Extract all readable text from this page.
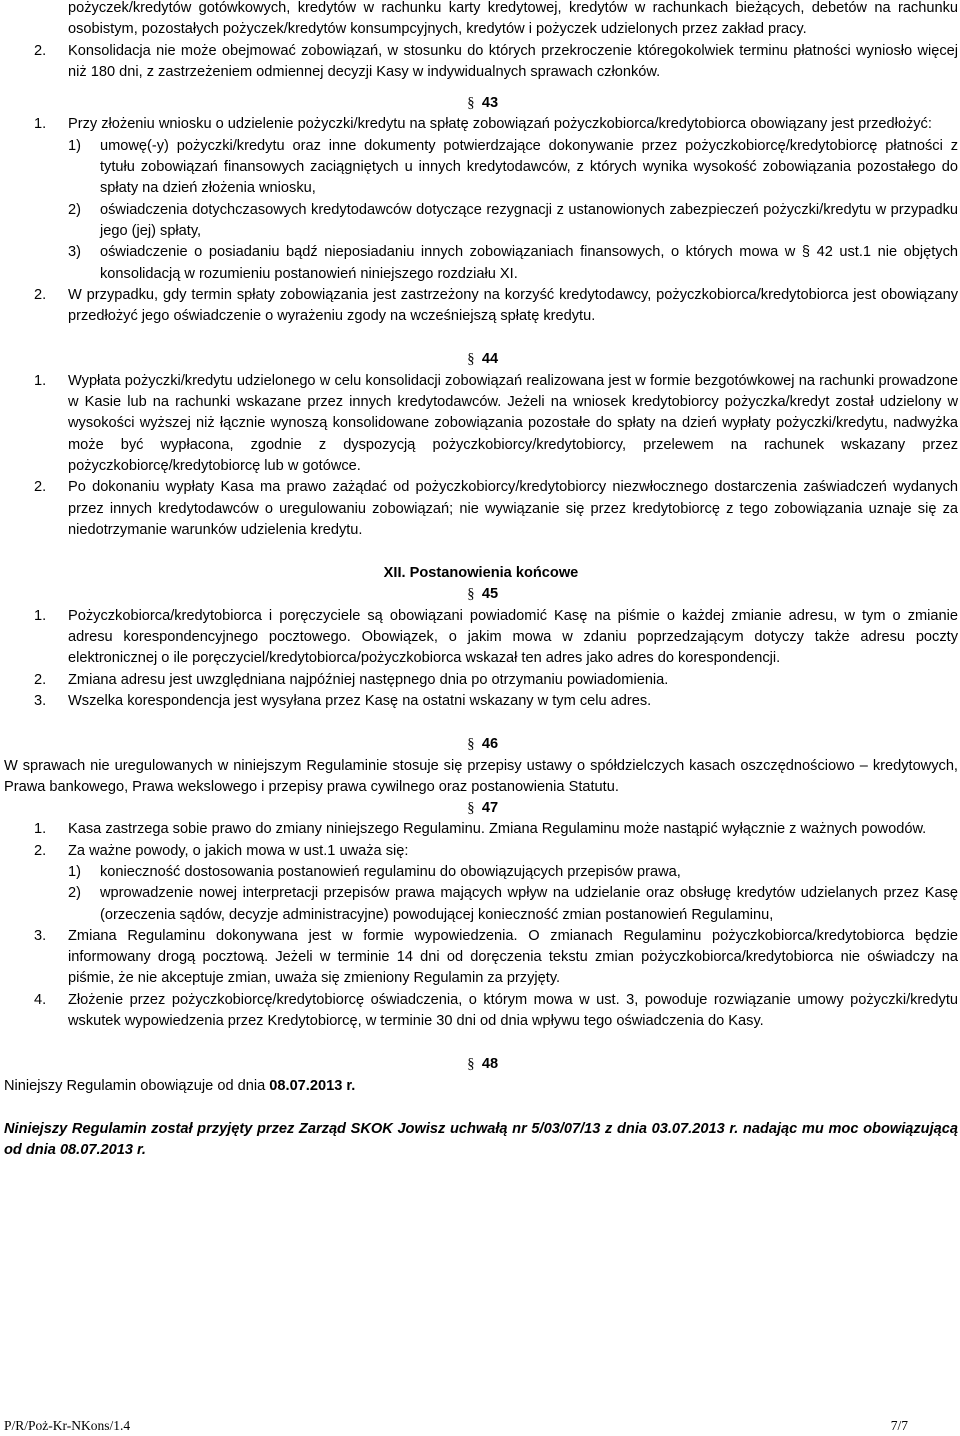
pożyczek/kredytów gotówkowych, kredytów w rachunku karty kredytowej, kredytów w rachunkach bieżących, debetów na rachunku osobistym, pozostałych pożyczek/kredytów konsumpcyjnych, kredytów i pożyczek udzielonych przez zakład pracy.

2. Konsolidacja nie może obejmować zobowiązań, w stosunku do których przekroczenie któregokolwiek terminu płatności wyniosło więcej niż 180 dni, z zastrzeżeniem odmiennej decyzji Kasy w indywidualnych sprawach członków.

§ 43

1. Przy złożeniu wniosku o udzielenie pożyczki/kredytu na spłatę zobowiązań pożyczkobiorca/kredytobiorca obowiązany jest przedłożyć:

1) umowę(-y) pożyczki/kredytu oraz inne dokumenty potwierdzające dokonywanie przez pożyczkobiorcę/kredytobiorcę płatności z tytułu zobowiązań finansowych zaciągniętych u innych kredytodawców, z których wynika wysokość zobowiązania pozostałego do spłaty na dzień złożenia wniosku,

2) oświadczenia dotychczasowych kredytodawców dotyczące rezygnacji z ustanowionych zabezpieczeń pożyczki/kredytu w przypadku jego (jej) spłaty,

3) oświadczenie o posiadaniu bądź nieposiadaniu innych zobowiązaniach finansowych, o których mowa w § 42 ust.1 nie objętych konsolidacją w rozumieniu postanowień niniejszego rozdziału XI.

2. W przypadku, gdy termin spłaty zobowiązania jest zastrzeżony na korzyść kredytodawcy, pożyczkobiorca/kredytobiorca jest obowiązany przedłożyć jego oświadczenie o wyrażeniu zgody na wcześniejszą spłatę kredytu.

§ 44

1. Wypłata pożyczki/kredytu udzielonego w celu konsolidacji zobowiązań realizowana jest w formie bezgotówkowej na rachunki prowadzone w Kasie lub na rachunki wskazane przez innych kredytodawców. Jeżeli na wniosek kredytobiorcy pożyczka/kredyt został udzielony w wysokości wyższej niż łącznie wynoszą konsolidowane zobowiązania pozostałe do spłaty na dzień wypłaty pożyczki/kredytu, nadwyżka może być wypłacona, zgodnie z dyspozycją pożyczkobiorcy/kredytobiorcy, przelewem na rachunek wskazany przez pożyczkobiorcę/kredytobiorcę lub w gotówce.

2. Po dokonaniu wypłaty Kasa ma prawo zażądać od pożyczkobiorcy/kredytobiorcy niezwłocznego dostarczenia zaświadczeń wydanych przez innych kredytodawców o uregulowaniu zobowiązań; nie wywiązanie się przez kredytobiorcę z tego zobowiązania uznaje się za niedotrzymanie warunków udzielenia kredytu.

XII. Postanowienia końcowe

§ 45

1. Pożyczkobiorca/kredytobiorca i poręczyciele są obowiązani powiadomić Kasę na piśmie o każdej zmianie adresu, w tym o zmianie adresu korespondencyjnego pocztowego. Obowiązek, o jakim mowa w zdaniu poprzedzającym dotyczy także adresu poczty elektronicznej o ile poręczyciel/kredytobiorca/pożyczkobiorca wskazał ten adres jako adres do korespondencji.

2. Zmiana adresu jest uwzględniana najpóźniej następnego dnia po otrzymaniu powiadomienia.

3. Wszelka korespondencja jest wysyłana przez Kasę na ostatni wskazany w tym celu adres.

§ 46

W sprawach nie uregulowanych w niniejszym Regulaminie stosuje się przepisy ustawy o spółdzielczych kasach oszczędnościowo – kredytowych, Prawa bankowego, Prawa wekslowego i przepisy prawa cywilnego oraz postanowienia Statutu.

§ 47

1. Kasa zastrzega sobie prawo do zmiany niniejszego Regulaminu. Zmiana Regulaminu może nastąpić wyłącznie z ważnych powodów.

2. Za ważne powody, o jakich mowa w ust.1 uważa się:

1) konieczność dostosowania postanowień regulaminu do obowiązujących przepisów prawa,

2) wprowadzenie nowej interpretacji przepisów prawa mających wpływ na udzielanie oraz obsługę kredytów udzielanych przez Kasę (orzeczenia sądów, decyzje administracyjne) powodującej konieczność zmian postanowień Regulaminu,

3. Zmiana Regulaminu dokonywana jest w formie wypowiedzenia. O zmianach Regulaminu pożyczkobiorca/kredytobiorca będzie informowany drogą pocztową. Jeżeli w terminie 14 dni od doręczenia tekstu zmian pożyczkobiorca/kredytobiorca nie oświadczy na piśmie, że nie akceptuje zmian, uważa się zmieniony Regulamin za przyjęty.

4. Złożenie przez pożyczkobiorcę/kredytobiorcę oświadczenia, o którym mowa w ust. 3, powoduje rozwiązanie umowy pożyczki/kredytu wskutek wypowiedzenia przez Kredytobiorcę, w terminie 30 dni od dnia wpływu tego oświadczenia do Kasy.

§ 48

Niniejszy Regulamin obowiązuje od dnia 08.07.2013 r.

Niniejszy Regulamin został przyjęty przez Zarząd SKOK Jowisz uchwałą nr 5/03/07/13 z dnia 03.07.2013 r. nadając mu moc obowiązującą od dnia 08.07.2013 r.

P/R/Poż-Kr-NKons/1.4	7/7
